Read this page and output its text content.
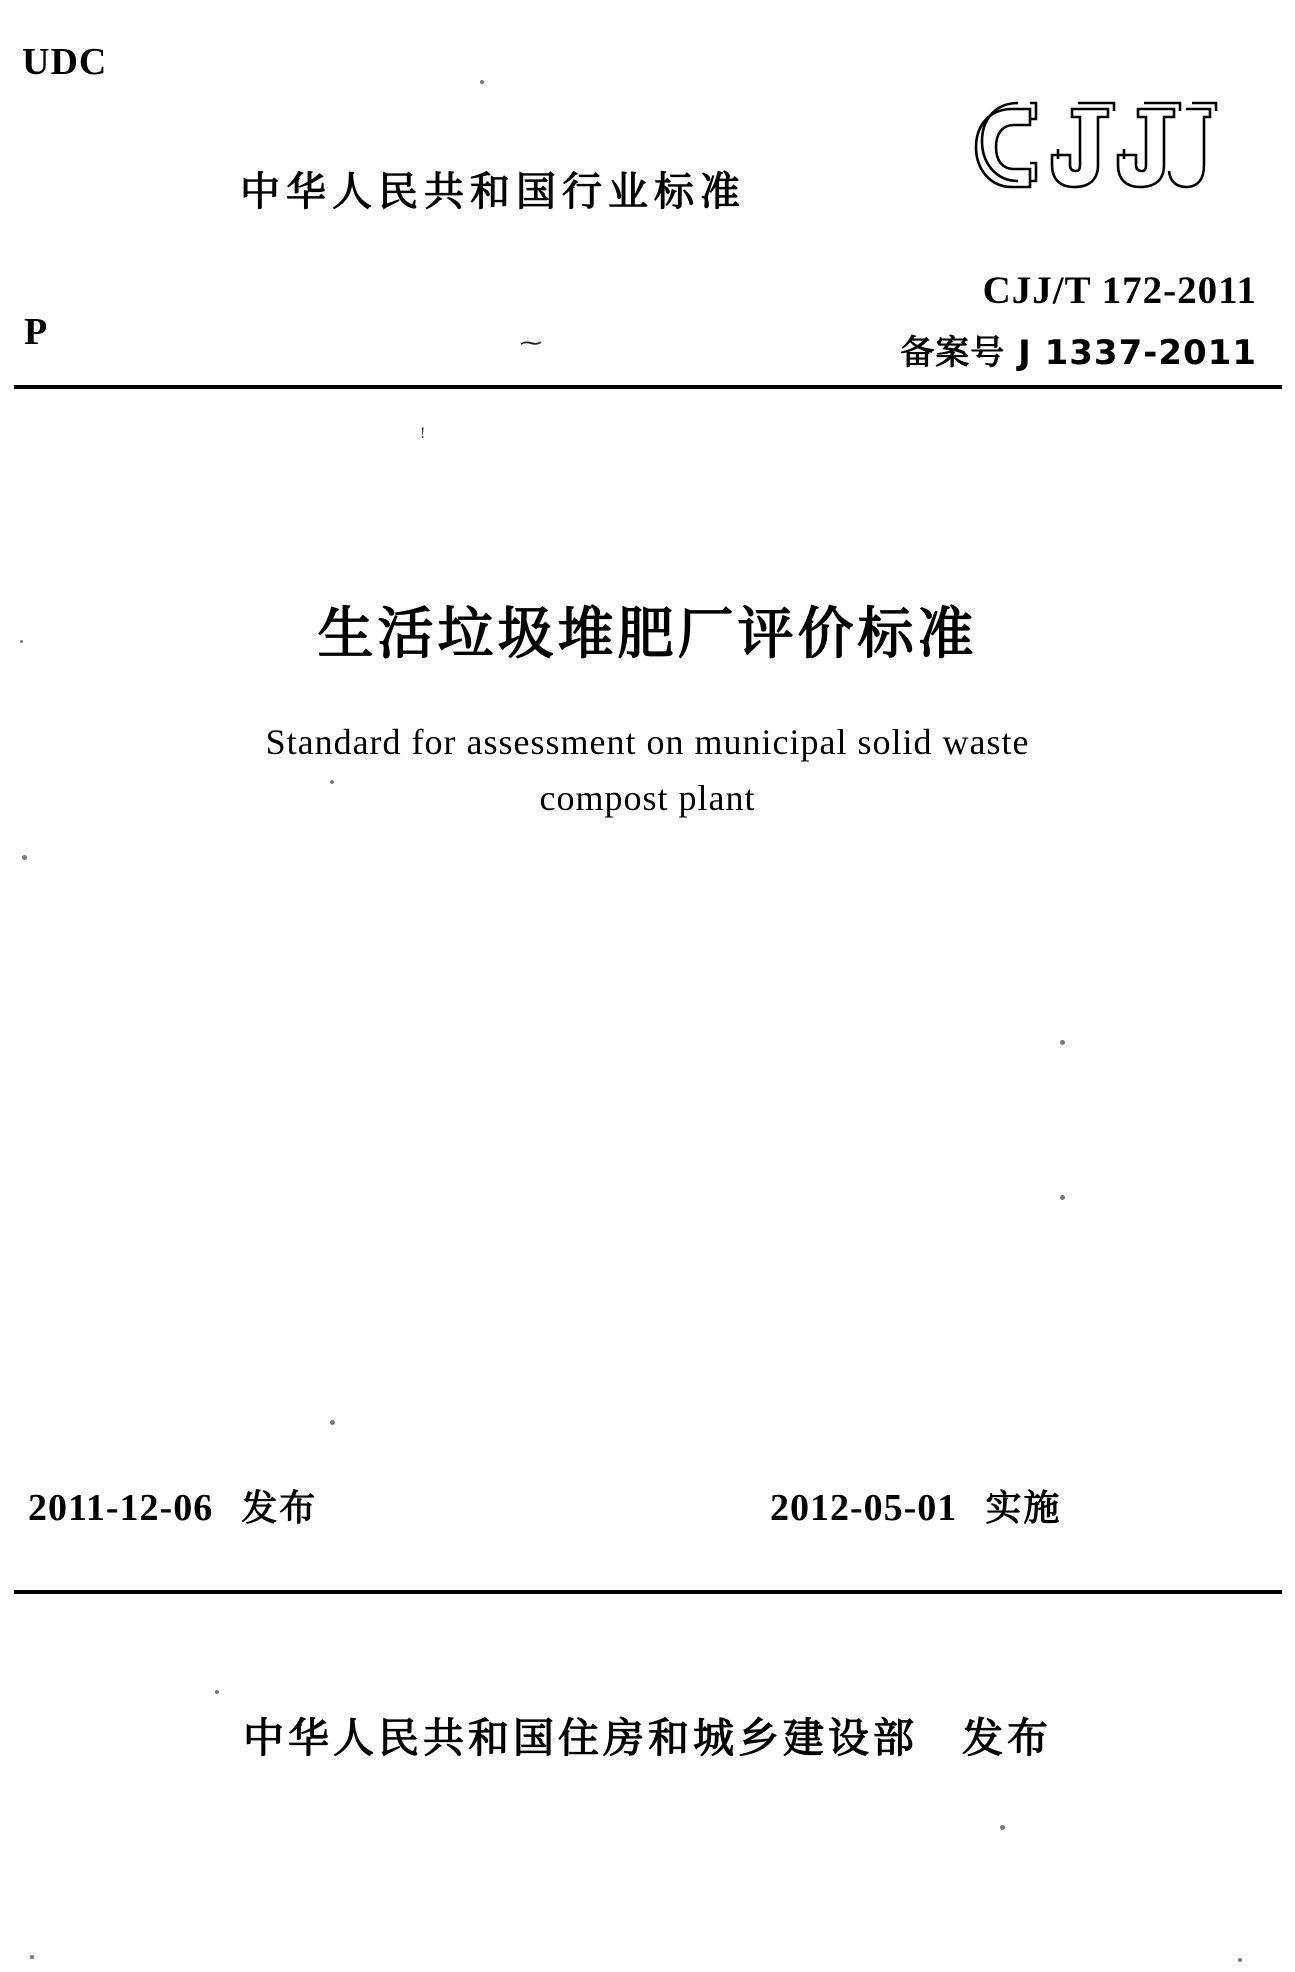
UDC
P
中华人民共和国行业标准
CJJ/T 172-2011
备案号 J 1337-2011
⁓
!
生活垃圾堆肥厂评价标准
Standard for assessment on municipal solid waste
compost plant
2011-12-06 发布	2012-05-01 实施
中华人民共和国住房和城乡建设部 发布
